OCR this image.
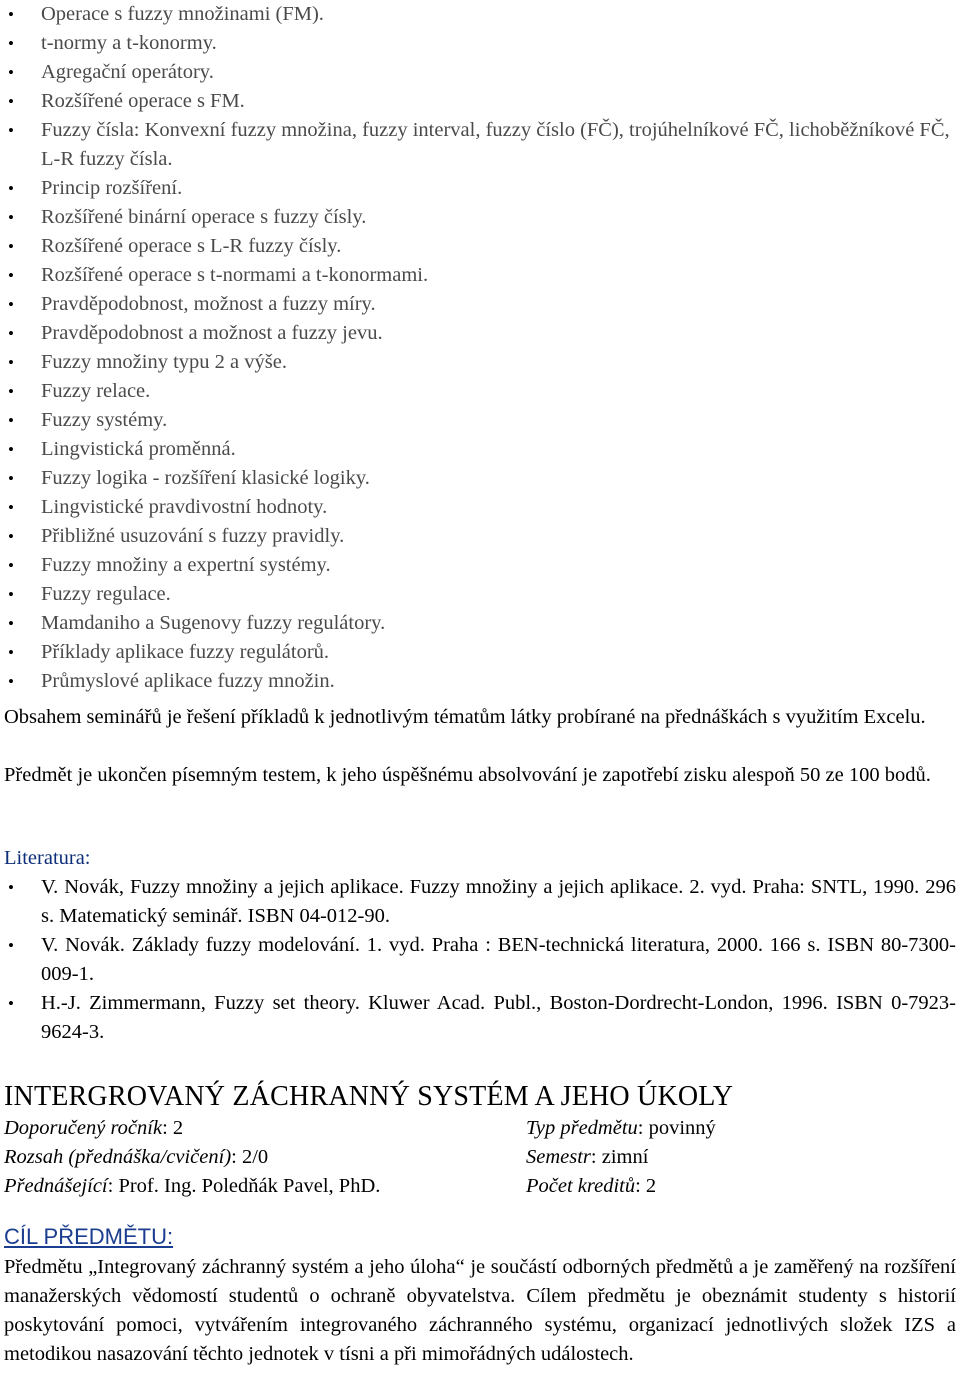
• Operace s fuzzy množinami (FM).
• t-normy a t-konormy.
• Agregační operátory.
• Rozšířené operace s FM.
• Fuzzy čísla: Konvexní fuzzy množina, fuzzy interval, fuzzy číslo (FČ), trojúhelníkové FČ, lichoběžníkové FČ, L-R fuzzy čísla.
• Princip rozšíření.
• Rozšířené binární operace s fuzzy čísly.
• Rozšířené operace s L-R fuzzy čísly.
• Rozšířené operace s t-normami a t-konormami.
• Pravděpodobnost, možnost a fuzzy míry.
• Pravděpodobnost a možnost a fuzzy jevu.
• Fuzzy množiny typu 2 a výše.
• Fuzzy relace.
• Fuzzy systémy.
• Lingvistická proměnná.
• Fuzzy logika - rozšíření klasické logiky.
• Lingvistické pravdivostní hodnoty.
• Přibližné usuzování s fuzzy pravidly.
• Fuzzy množiny a expertní systémy.
• Fuzzy regulace.
• Mamdaniho a Sugenovy fuzzy regulátory.
• Příklady aplikace fuzzy regulátorů.
• Průmyslové aplikace fuzzy množin.

Obsahem seminářů je řešení příkladů k jednotlivým tématům látky probírané na přednáškách s využitím Excelu.

Předmět je ukončen písemným testem, k jeho úspěšnému absolvování je zapotřebí zisku alespoň 50 ze 100 bodů.

Literatura:
• V. Novák, Fuzzy množiny a jejich aplikace. Fuzzy množiny a jejich aplikace. 2. vyd. Praha: SNTL, 1990. 296 s. Matematický seminář. ISBN 04-012-90.
• V. Novák. Základy fuzzy modelování. 1. vyd. Praha : BEN-technická literatura, 2000. 166 s. ISBN 80-7300-009-1.
• H.-J. Zimmermann, Fuzzy set theory. Kluwer Acad. Publ., Boston-Dordrecht-London, 1996. ISBN 0-7923-9624-3.
INTERGROVANÝ ZÁCHRANNÝ SYSTÉM A JEHO ÚKOLY
Doporučený ročník: 2	Typ předmětu: povinný
Rozsah (přednáška/cvičení): 2/0	Semestr: zimní
Přednášející: Prof. Ing. Poledňák Pavel, PhD.	Počet kreditů: 2
CÍL PŘEDMĚTU:

Předmětu „Integrovaný záchranný systém a jeho úloha“ je součástí odborných předmětů a je zaměřený na rozšíření manažerských vědomostí studentů o ochraně obyvatelstva. Cílem předmětu je obeznámit studenty s historií poskytování pomoci, vytvářením integrovaného záchranného systému, organizací jednotlivých složek IZS a metodikou nasazování těchto jednotek v tísni a při mimořádných událostech.
